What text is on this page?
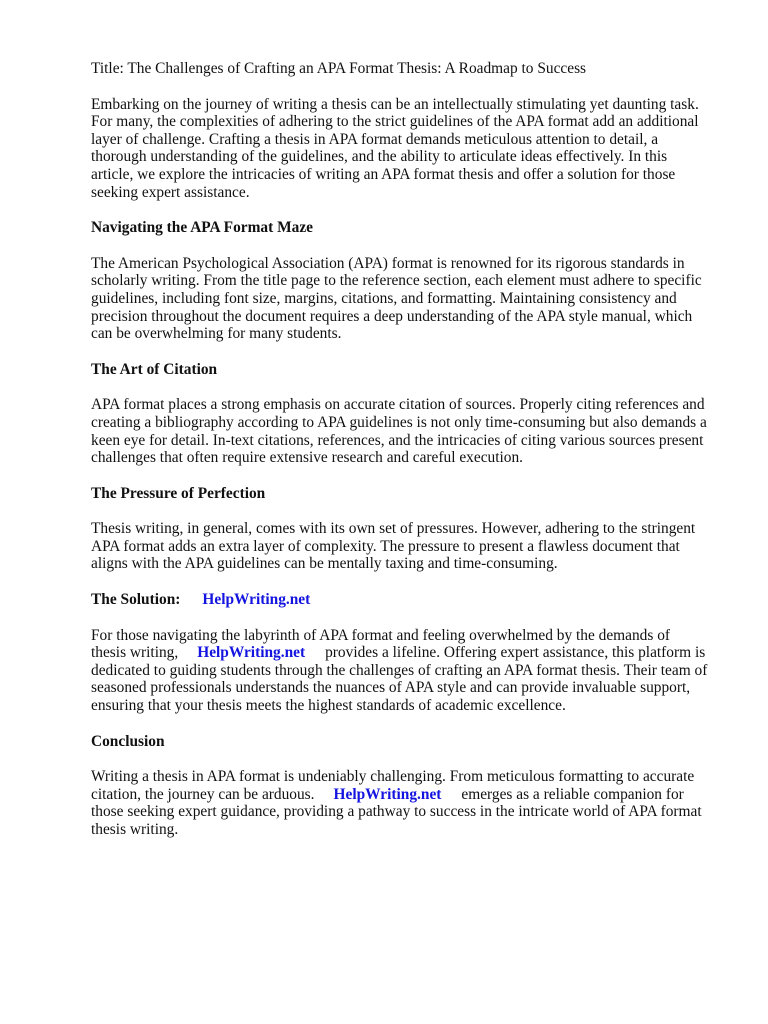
Title: The Challenges of Crafting an APA Format Thesis: A Roadmap to Success

Embarking on the journey of writing a thesis can be an intellectually stimulating yet daunting task. For many, the complexities of adhering to the strict guidelines of the APA format add an additional layer of challenge. Crafting a thesis in APA format demands meticulous attention to detail, a thorough understanding of the guidelines, and the ability to articulate ideas effectively. In this article, we explore the intricacies of writing an APA format thesis and offer a solution for those seeking expert assistance.

Navigating the APA Format Maze

The American Psychological Association (APA) format is renowned for its rigorous standards in scholarly writing. From the title page to the reference section, each element must adhere to specific guidelines, including font size, margins, citations, and formatting. Maintaining consistency and precision throughout the document requires a deep understanding of the APA style manual, which can be overwhelming for many students.

The Art of Citation

APA format places a strong emphasis on accurate citation of sources. Properly citing references and creating a bibliography according to APA guidelines is not only time-consuming but also demands a keen eye for detail. In-text citations, references, and the intricacies of citing various sources present challenges that often require extensive research and careful execution.

The Pressure of Perfection

Thesis writing, in general, comes with its own set of pressures. However, adhering to the stringent APA format adds an extra layer of complexity. The pressure to present a flawless document that aligns with the APA guidelines can be mentally taxing and time-consuming.

The Solution: HelpWriting.net

For those navigating the labyrinth of APA format and feeling overwhelmed by the demands of thesis writing, HelpWriting.net provides a lifeline. Offering expert assistance, this platform is dedicated to guiding students through the challenges of crafting an APA format thesis. Their team of seasoned professionals understands the nuances of APA style and can provide invaluable support, ensuring that your thesis meets the highest standards of academic excellence.

Conclusion

Writing a thesis in APA format is undeniably challenging. From meticulous formatting to accurate citation, the journey can be arduous. HelpWriting.net emerges as a reliable companion for those seeking expert guidance, providing a pathway to success in the intricate world of APA format thesis writing.
